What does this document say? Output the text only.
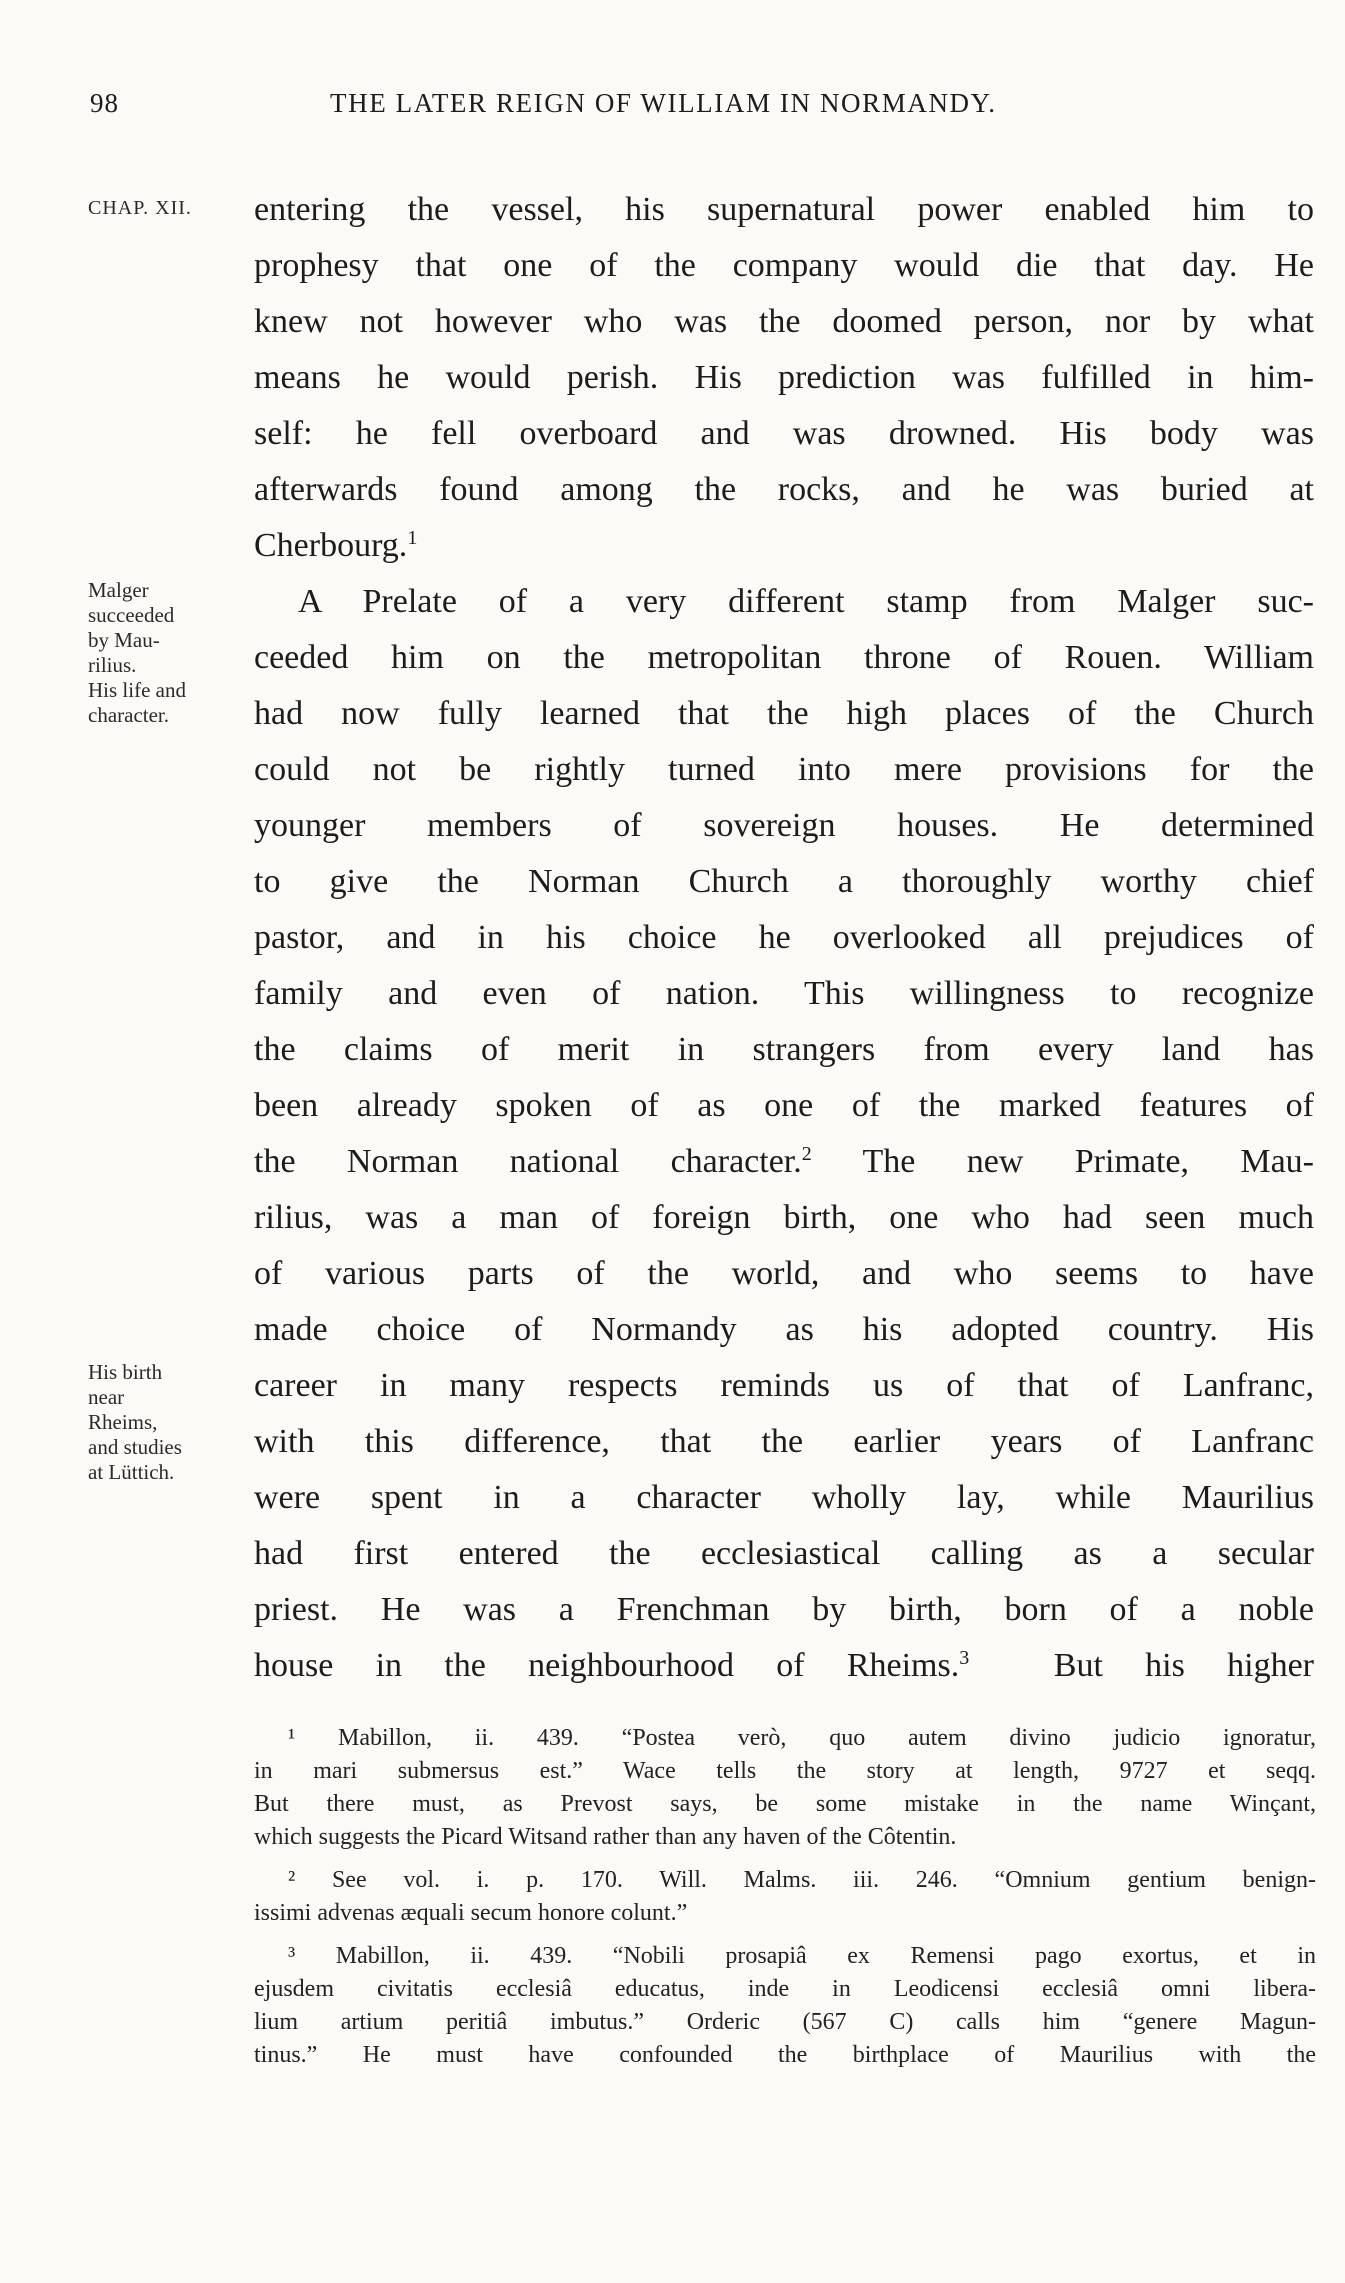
98	THE LATER REIGN OF WILLIAM IN NORMANDY.
CHAP. XII.
Malger
succeeded
by Mau-
rilius.
His life and
character.
His birth
near
Rheims,
and studies
at Lüttich.
entering the vessel, his supernatural power enabled him to
prophesy that one of the company would die that day. He
knew not however who was the doomed person, nor by what
means he would perish. His prediction was fulfilled in him-
self: he fell overboard and was drowned. His body was
afterwards found among the rocks, and he was buried at
Cherbourg.$^1$
A Prelate of a very different stamp from Malger suc-
ceeded him on the metropolitan throne of Rouen. William
had now fully learned that the high places of the Church
could not be rightly turned into mere provisions for the
younger members of sovereign houses. He determined
to give the Norman Church a thoroughly worthy chief
pastor, and in his choice he overlooked all prejudices of
family and even of nation. This willingness to recognize
the claims of merit in strangers from every land has
been already spoken of as one of the marked features of
the Norman national character.$^2$ The new Primate, Mau-
rilius, was a man of foreign birth, one who had seen much
of various parts of the world, and who seems to have
made choice of Normandy as his adopted country. His
career in many respects reminds us of that of Lanfranc,
with this difference, that the earlier years of Lanfranc
were spent in a character wholly lay, while Maurilius
had first entered the ecclesiastical calling as a secular
priest. He was a Frenchman by birth, born of a noble
house in the neighbourhood of Rheims.$^3$ But his higher
¹ Mabillon, ii. 439. “Postea verò, quo autem divino judicio ignoratur,
in mari submersus est.” Wace tells the story at length, 9727 et seqq.
But there must, as Prevost says, be some mistake in the name Winçant,
which suggests the Picard Witsand rather than any haven of the Côtentin.
² See vol. i. p. 170. Will. Malms. iii. 246. “Omnium gentium benign-
issimi advenas æquali secum honore colunt.”
³ Mabillon, ii. 439. “Nobili prosapiâ ex Remensi pago exortus, et in
ejusdem civitatis ecclesiâ educatus, inde in Leodicensi ecclesiâ omni libera-
lium artium peritiâ imbutus.” Orderic (567 C) calls him “genere Magun-
tinus.” He must have confounded the birthplace of Maurilius with the
